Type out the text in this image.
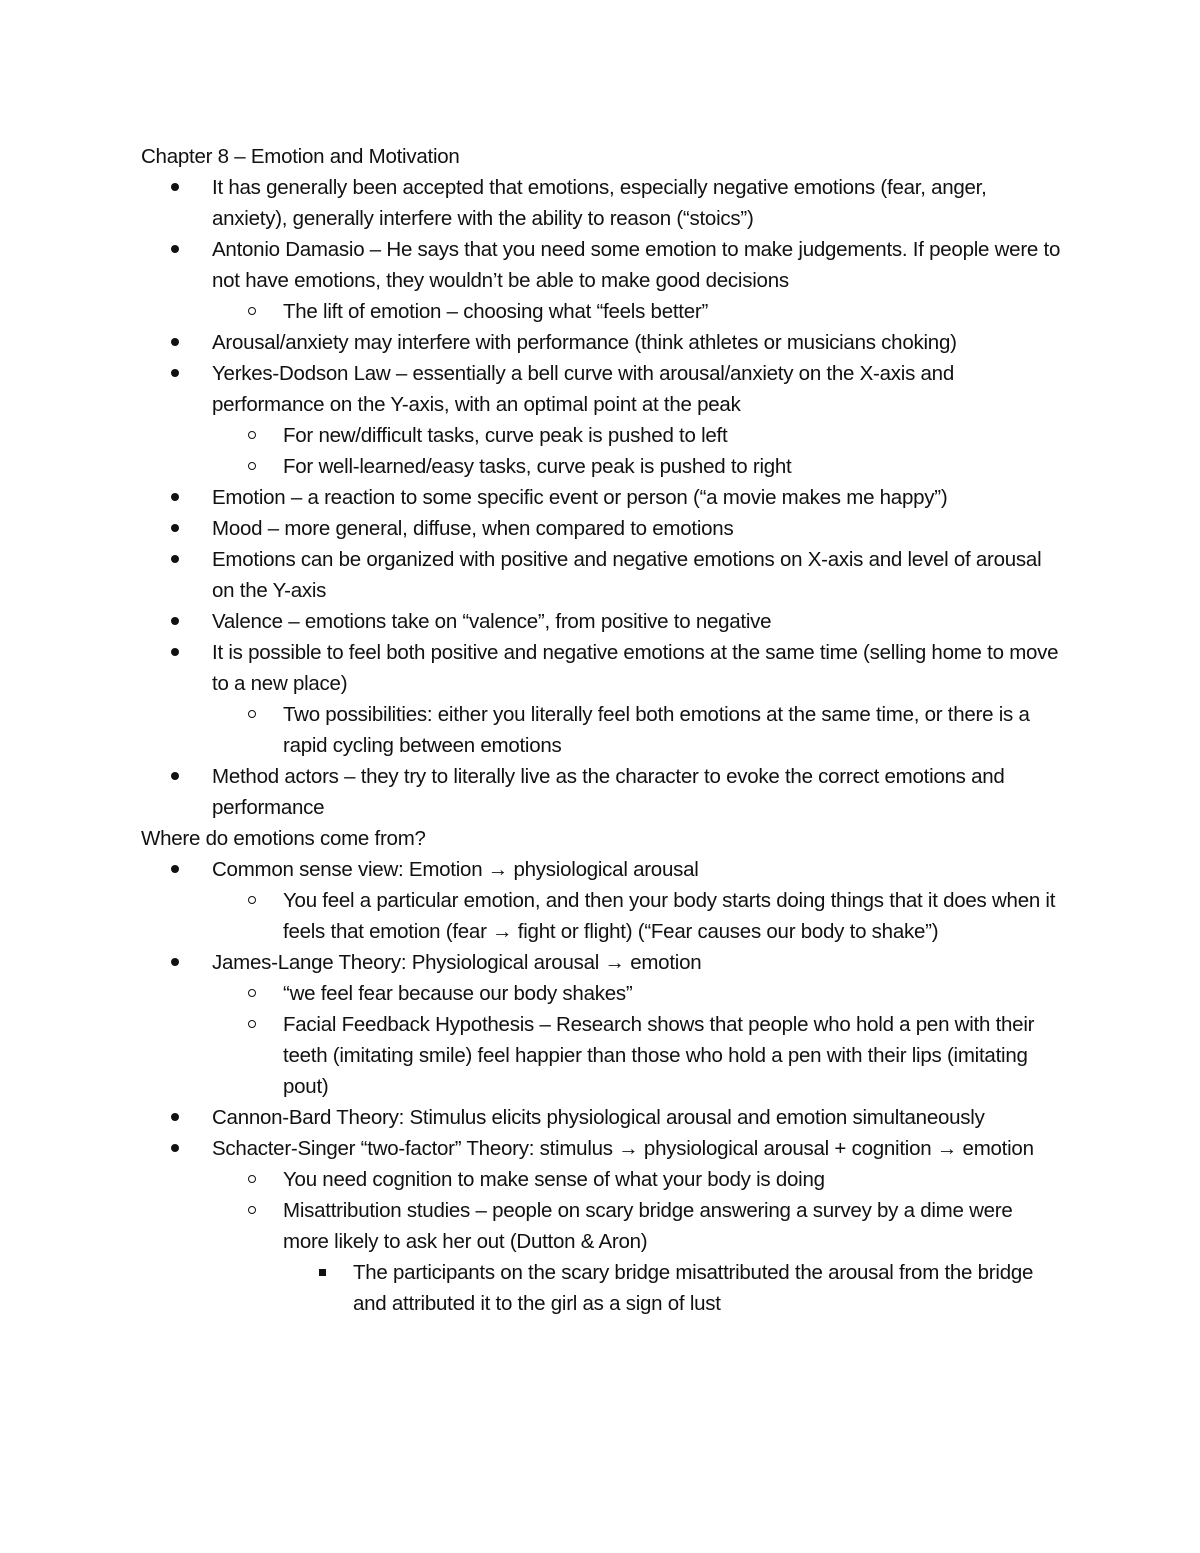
Chapter 8 – Emotion and Motivation
It has generally been accepted that emotions, especially negative emotions (fear, anger, anxiety), generally interfere with the ability to reason (“stoics”)
Antonio Damasio – He says that you need some emotion to make judgements. If people were to not have emotions, they wouldn’t be able to make good decisions
The lift of emotion – choosing what “feels better”
Arousal/anxiety may interfere with performance (think athletes or musicians choking)
Yerkes-Dodson Law – essentially a bell curve with arousal/anxiety on the X-axis and performance on the Y-axis, with an optimal point at the peak
For new/difficult tasks, curve peak is pushed to left
For well-learned/easy tasks, curve peak is pushed to right
Emotion – a reaction to some specific event or person (“a movie makes me happy”)
Mood – more general, diffuse, when compared to emotions
Emotions can be organized with positive and negative emotions on X-axis and level of arousal on the Y-axis
Valence – emotions take on “valence”, from positive to negative
It is possible to feel both positive and negative emotions at the same time (selling home to move to a new place)
Two possibilities: either you literally feel both emotions at the same time, or there is a rapid cycling between emotions
Method actors – they try to literally live as the character to evoke the correct emotions and performance
Where do emotions come from?
Common sense view: Emotion → physiological arousal
You feel a particular emotion, and then your body starts doing things that it does when it feels that emotion (fear → fight or flight) (“Fear causes our body to shake”)
James-Lange Theory: Physiological arousal → emotion
“we feel fear because our body shakes”
Facial Feedback Hypothesis – Research shows that people who hold a pen with their teeth (imitating smile) feel happier than those who hold a pen with their lips (imitating pout)
Cannon-Bard Theory: Stimulus elicits physiological arousal and emotion simultaneously
Schacter-Singer “two-factor” Theory: stimulus → physiological arousal + cognition → emotion
You need cognition to make sense of what your body is doing
Misattribution studies – people on scary bridge answering a survey by a dime were more likely to ask her out (Dutton & Aron)
The participants on the scary bridge misattributed the arousal from the bridge and attributed it to the girl as a sign of lust
